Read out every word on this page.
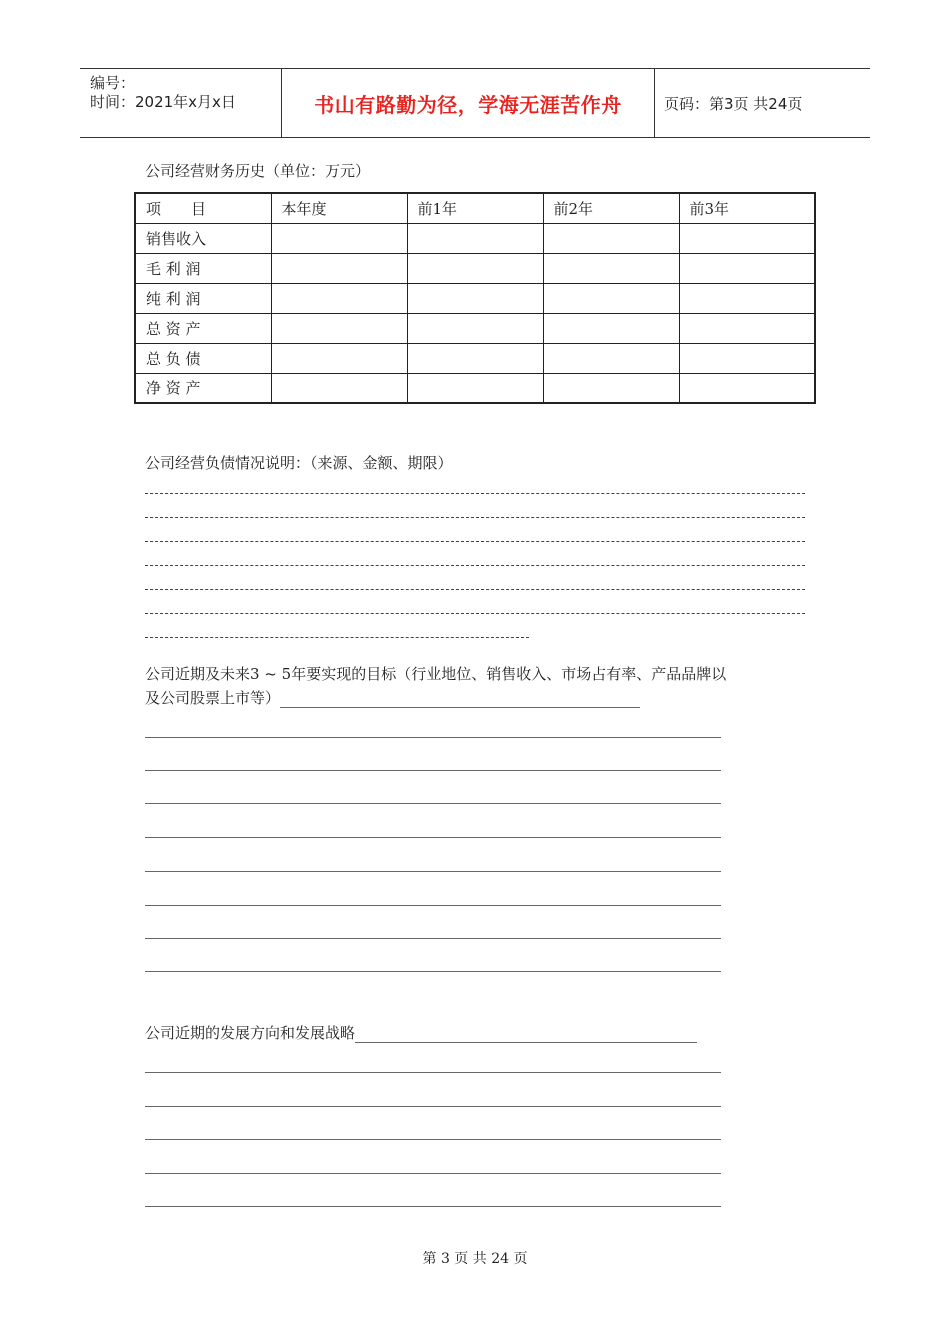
编号：
时间：2021年x月x日	书山有路勤为径，学海无涯苦作舟	页码：第3页 共24页
公司经营财务历史（单位：万元）
项　　目	本年度	前1年	前2年	前3年
销售收入				
毛 利 润				
纯 利 润				
总 资 产				
总 负 债				
净 资 产				
公司经营负债情况说明：（来源、金额、期限）
公司近期及未来3 ~ 5年要实现的目标（行业地位、销售收入、市场占有率、产品品牌以
及公司股票上市等）
公司近期的发展方向和发展战略
第 3 页 共 24 页
